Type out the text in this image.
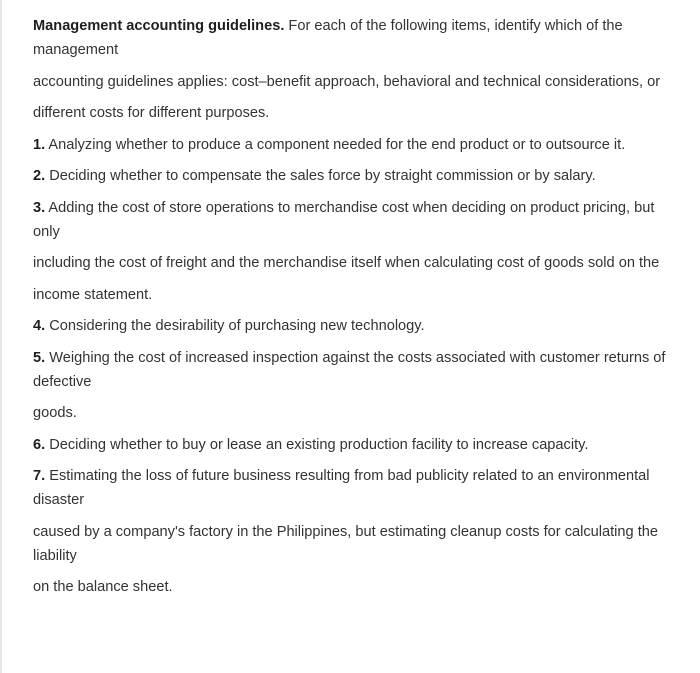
Management accounting guidelines. For each of the following items, identify which of the management

accounting guidelines applies: cost–benefit approach, behavioral and technical considerations, or

different costs for different purposes.

1. Analyzing whether to produce a component needed for the end product or to outsource it.

2. Deciding whether to compensate the sales force by straight commission or by salary.

3. Adding the cost of store operations to merchandise cost when deciding on product pricing, but only

including the cost of freight and the merchandise itself when calculating cost of goods sold on the

income statement.

4. Considering the desirability of purchasing new technology.

5. Weighing the cost of increased inspection against the costs associated with customer returns of defective

goods.

6. Deciding whether to buy or lease an existing production facility to increase capacity.

7. Estimating the loss of future business resulting from bad publicity related to an environmental disaster

caused by a company's factory in the Philippines, but estimating cleanup costs for calculating the liability

on the balance sheet.
